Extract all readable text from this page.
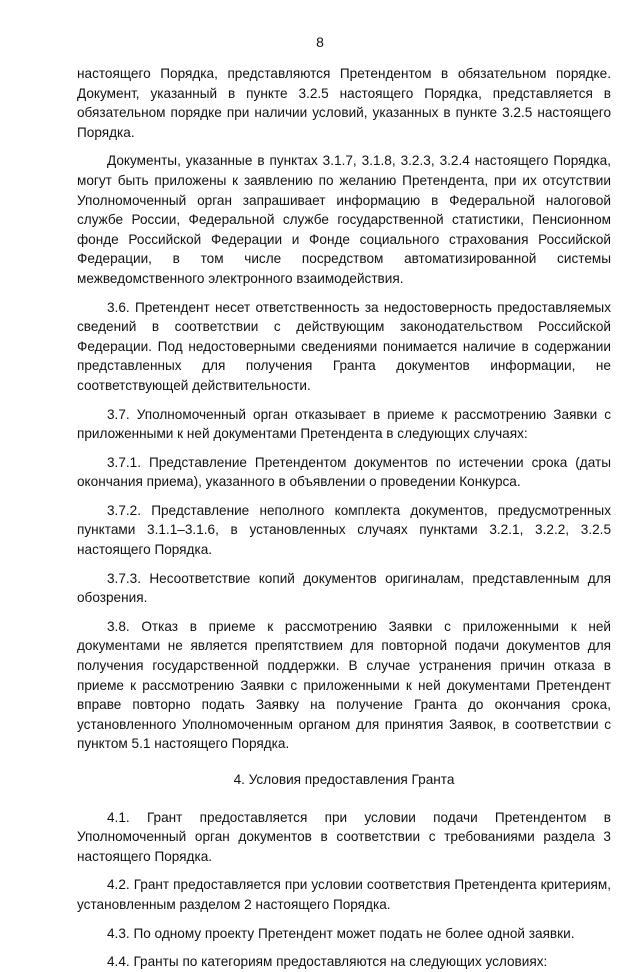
8

настоящего Порядка, представляются Претендентом в обязательном порядке. Документ, указанный в пункте 3.2.5 настоящего Порядка, представляется в обязательном порядке при наличии условий, указанных в пункте 3.2.5 настоящего Порядка.

Документы, указанные в пунктах 3.1.7, 3.1.8, 3.2.3, 3.2.4 настоящего Порядка, могут быть приложены к заявлению по желанию Претендента, при их отсутствии Уполномоченный орган запрашивает информацию в Федеральной налоговой службе России, Федеральной службе государственной статистики, Пенсионном фонде Российской Федерации и Фонде социального страхования Российской Федерации, в том числе посредством автоматизированной системы межведомственного электронного взаимодействия.

3.6. Претендент несет ответственность за недостоверность предоставляемых сведений в соответствии с действующим законодательством Российской Федерации. Под недостоверными сведениями понимается наличие в содержании представленных для получения Гранта документов информации, не соответствующей действительности.

3.7. Уполномоченный орган отказывает в приеме к рассмотрению Заявки с приложенными к ней документами Претендента в следующих случаях:

3.7.1. Представление Претендентом документов по истечении срока (даты окончания приема), указанного в объявлении о проведении Конкурса.

3.7.2. Представление неполного комплекта документов, предусмотренных пунктами 3.1.1–3.1.6, в установленных случаях пунктами 3.2.1, 3.2.2, 3.2.5 настоящего Порядка.

3.7.3. Несоответствие копий документов оригиналам, представленным для обозрения.

3.8. Отказ в приеме к рассмотрению Заявки с приложенными к ней документами не является препятствием для повторной подачи документов для получения государственной поддержки. В случае устранения причин отказа в приеме к рассмотрению Заявки с приложенными к ней документами Претендент вправе повторно подать Заявку на получение Гранта до окончания срока, установленного Уполномоченным органом для принятия Заявок, в соответствии с пунктом 5.1 настоящего Порядка.

4. Условия предоставления Гранта

4.1. Грант предоставляется при условии подачи Претендентом в Уполномоченный орган документов в соответствии с требованиями раздела 3 настоящего Порядка.

4.2. Грант предоставляется при условии соответствия Претендента критериям, установленным разделом 2 настоящего Порядка.

4.3. По одному проекту Претендент может подать не более одной заявки.

4.4. Гранты по категориям предоставляются на следующих условиях:
